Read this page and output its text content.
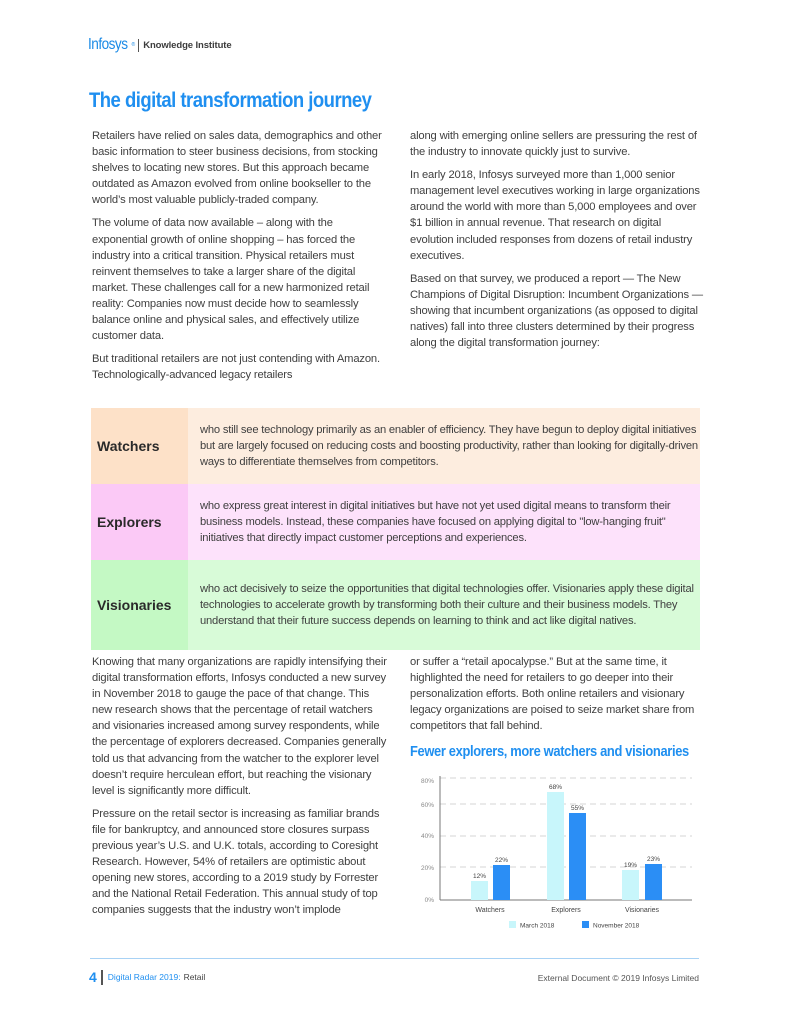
Infosys ® Knowledge Institute
The digital transformation journey

Retailers have relied on sales data, demographics and other basic information to steer business decisions, from stocking shelves to locating new stores. But this approach became outdated as Amazon evolved from online bookseller to the world’s most valuable publicly-traded company.

The volume of data now available – along with the exponential growth of online shopping – has forced the industry into a critical transition. Physical retailers must reinvent themselves to take a larger share of the digital market. These challenges call for a new harmonized retail reality: Companies now must decide how to seamlessly balance online and physical sales, and effectively utilize customer data.

But traditional retailers are not just contending with Amazon. Technologically-advanced legacy retailers

along with emerging online sellers are pressuring the rest of the industry to innovate quickly just to survive.

In early 2018, Infosys surveyed more than 1,000 senior management level executives working in large organizations around the world with more than 5,000 employees and over $1 billion in annual revenue. That research on digital evolution included responses from dozens of retail industry executives.

Based on that survey, we produced a report — The New Champions of Digital Disruption: Incumbent Organizations — showing that incumbent organizations (as opposed to digital natives) fall into three clusters determined by their progress along the digital transformation journey:

Watchers
who still see technology primarily as an enabler of efficiency. They have begun to deploy digital initiatives but are largely focused on reducing costs and boosting productivity, rather than looking for digitally-driven ways to differentiate themselves from competitors.
Explorers
who express great interest in digital initiatives but have not yet used digital means to transform their business models. Instead, these companies have focused on applying digital to "low-hanging fruit" initiatives that directly impact customer perceptions and experiences.
Visionaries
who act decisively to seize the opportunities that digital technologies offer. Visionaries apply these digital technologies to accelerate growth by transforming both their culture and their business models. They understand that their future success depends on learning to think and act like digital natives.

Knowing that many organizations are rapidly intensifying their digital transformation efforts, Infosys conducted a new survey in November 2018 to gauge the pace of that change. This new research shows that the percentage of retail watchers and visionaries increased among survey respondents, while the percentage of explorers decreased. Companies generally told us that advancing from the watcher to the explorer level doesn’t require herculean effort, but reaching the visionary level is significantly more difficult.

Pressure on the retail sector is increasing as familiar brands file for bankruptcy, and announced store closures surpass previous year’s U.S. and U.K. totals, according to Coresight Research. However, 54% of retailers are optimistic about opening new stores, according to a 2019 study by Forrester and the National Retail Federation. This annual study of top companies suggests that the industry won’t implode

or suffer a “retail apocalypse.” But at the same time, it highlighted the need for retailers to go deeper into their personalization efforts. Both online retailers and visionary legacy organizations are poised to seize market share from competitors that fall behind.

Fewer explorers, more watchers and visionaries
80%
60%
40%
20%
0%
12%
68%
19%
22%
55%
23%
Watchers	Explorers	Visionaries
March 2018	November 2018
4 Digital Radar 2019: Retail	External Document © 2019 Infosys Limited
